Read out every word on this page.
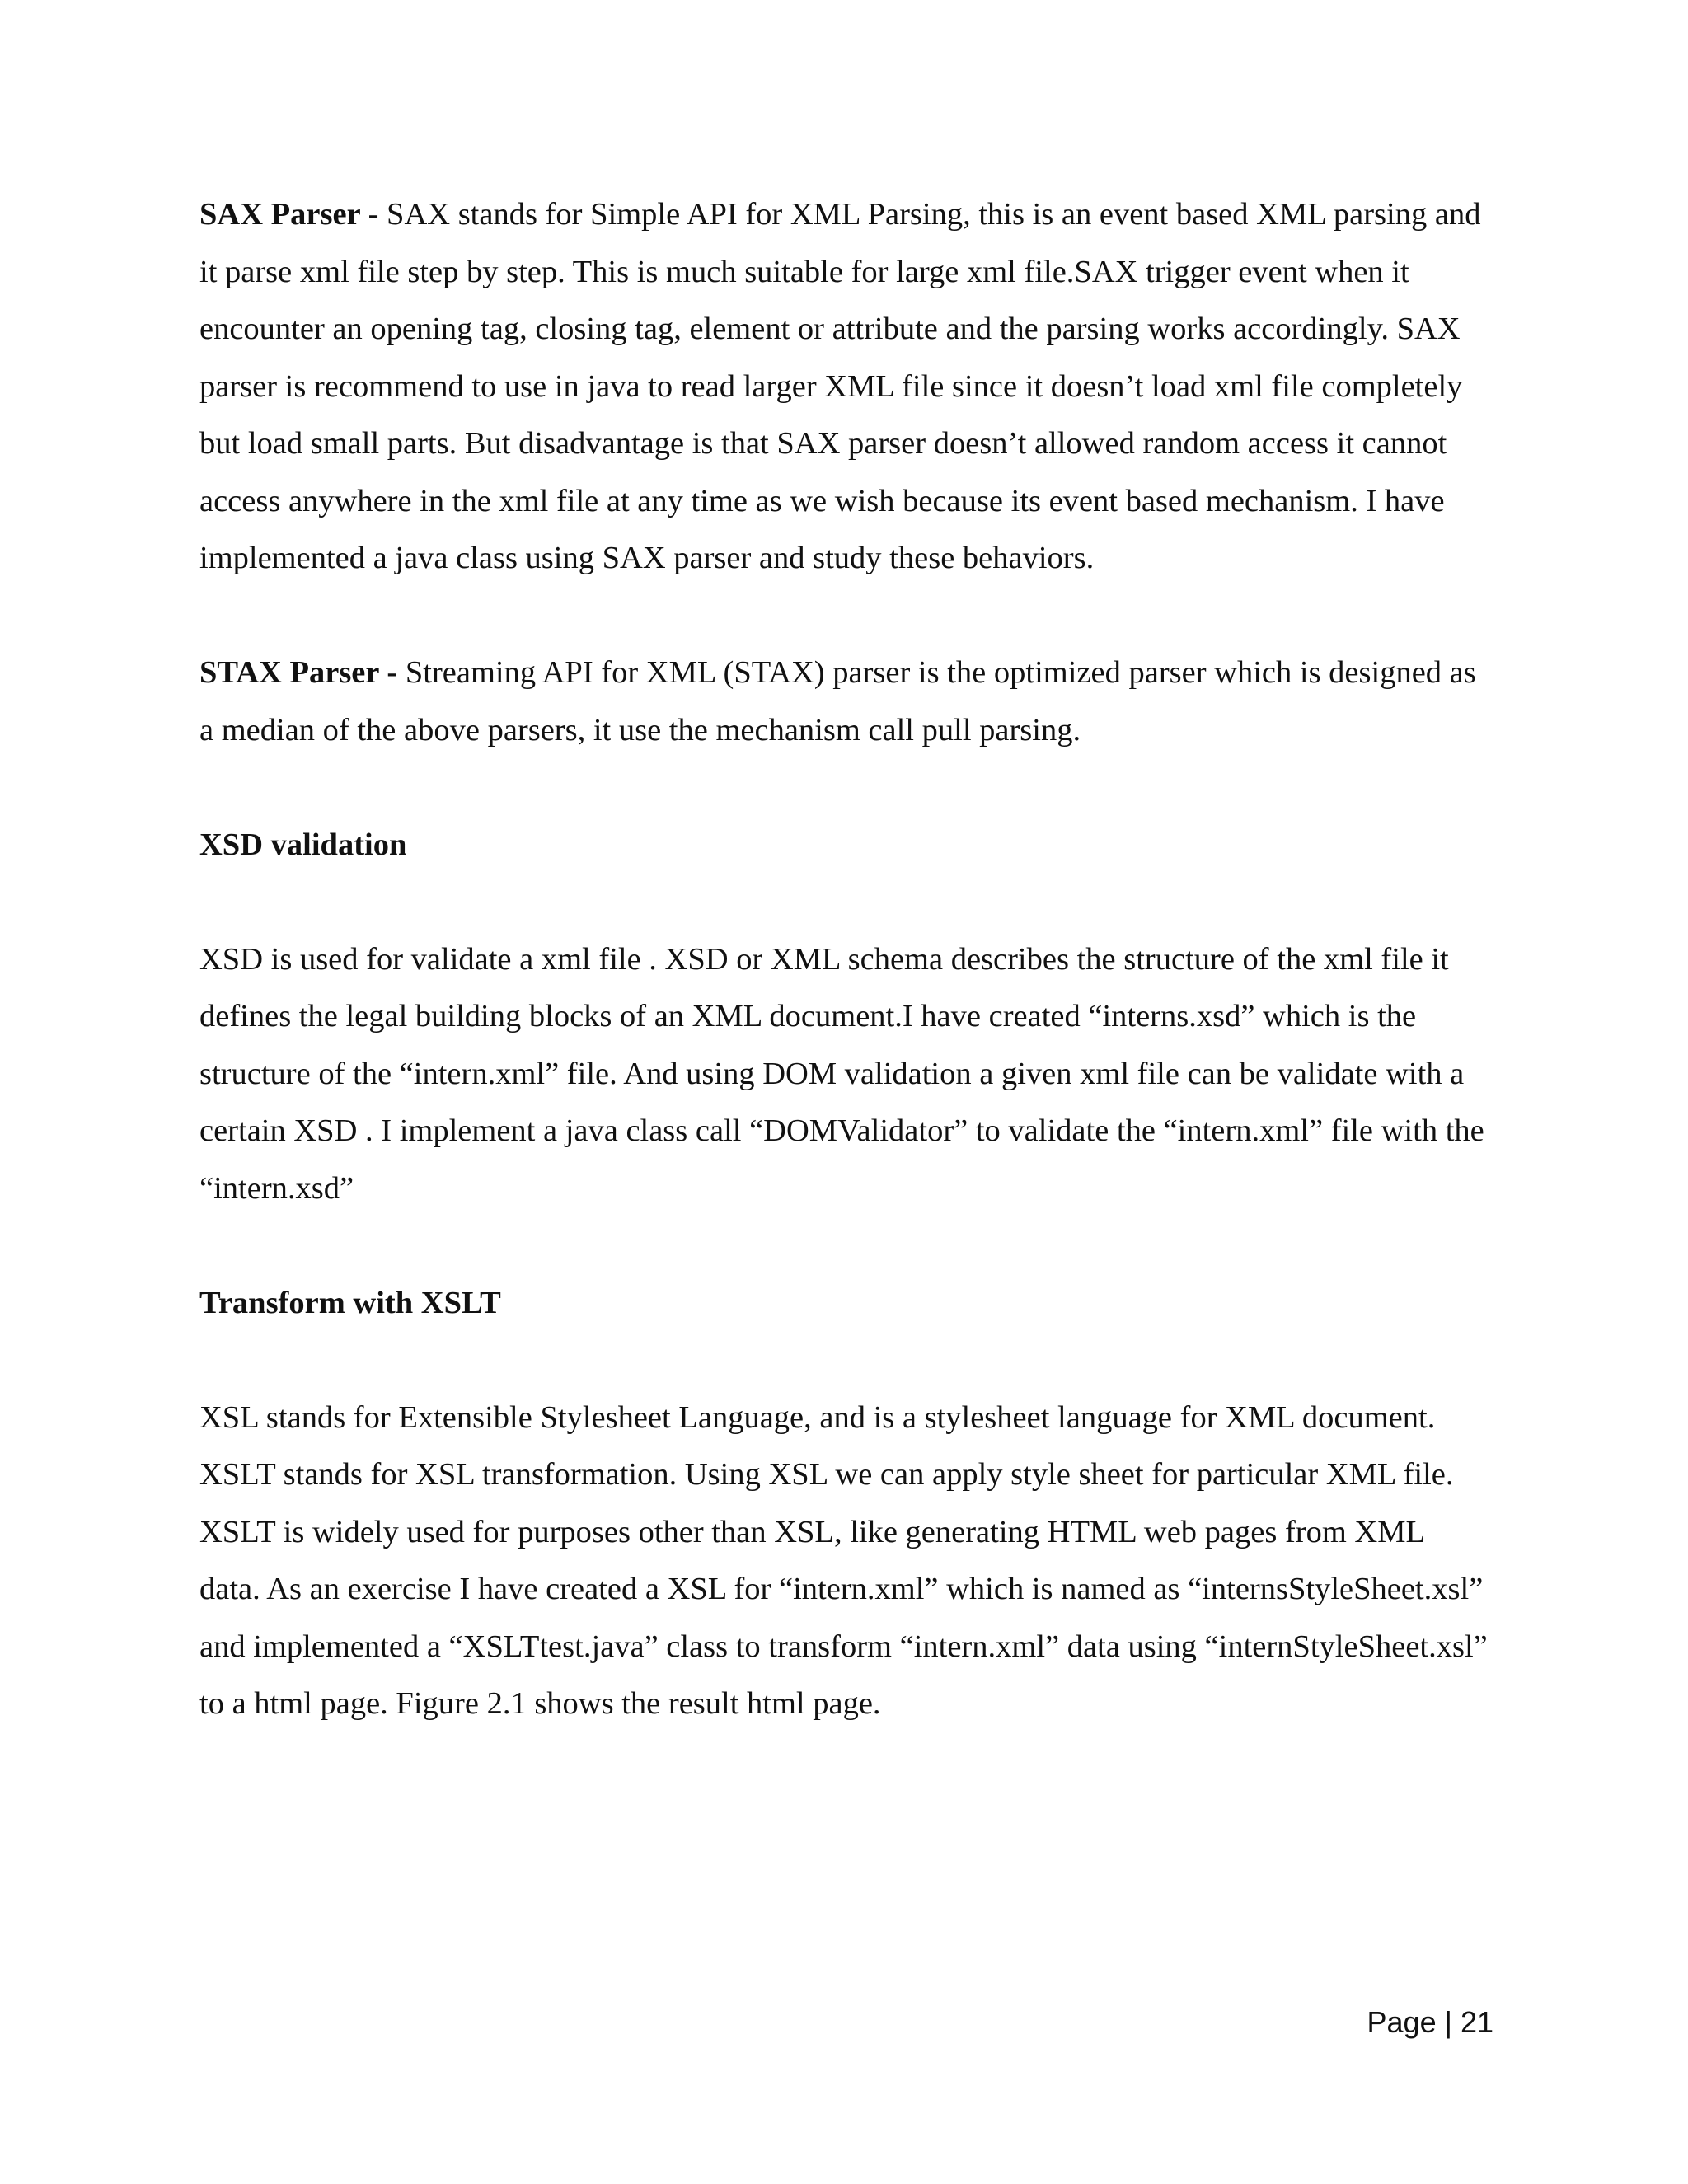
SAX Parser - SAX stands for Simple API for XML Parsing, this is an event based XML parsing and it parse xml file step by step. This is much suitable for large xml file.SAX trigger event when it encounter an opening tag, closing tag, element or attribute and the parsing works accordingly. SAX parser is recommend to use in java to read larger XML file since it doesn’t load xml file completely but load small parts. But disadvantage is that SAX parser doesn’t allowed random access it cannot access anywhere in the xml file at any time as we wish because its event based mechanism. I have implemented a java class using SAX parser and study these behaviors.

STAX Parser - Streaming API for XML (STAX) parser is the optimized parser which is designed as a median of the above parsers, it use the mechanism call pull parsing.

XSD validation

XSD is used for validate a xml file . XSD or XML schema describes the structure of the xml file it defines the legal building blocks of an XML document.I have created “interns.xsd” which is the structure of the “intern.xml” file. And using DOM validation a given xml file can be validate with a certain XSD . I implement a java class call “DOMValidator” to validate the “intern.xml” file with the “intern.xsd”

Transform with XSLT

XSL stands for Extensible Stylesheet Language, and is a stylesheet language for XML document. XSLT stands for XSL transformation. Using XSL we can apply style sheet for particular XML file. XSLT is widely used for purposes other than XSL, like generating HTML web pages from XML data. As an exercise I have created a XSL for “intern.xml” which is named as “internsStyleSheet.xsl” and implemented a “XSLTtest.java” class to transform “intern.xml” data using “internStyleSheet.xsl” to a html page. Figure 2.1 shows the result html page.

Page | 21
